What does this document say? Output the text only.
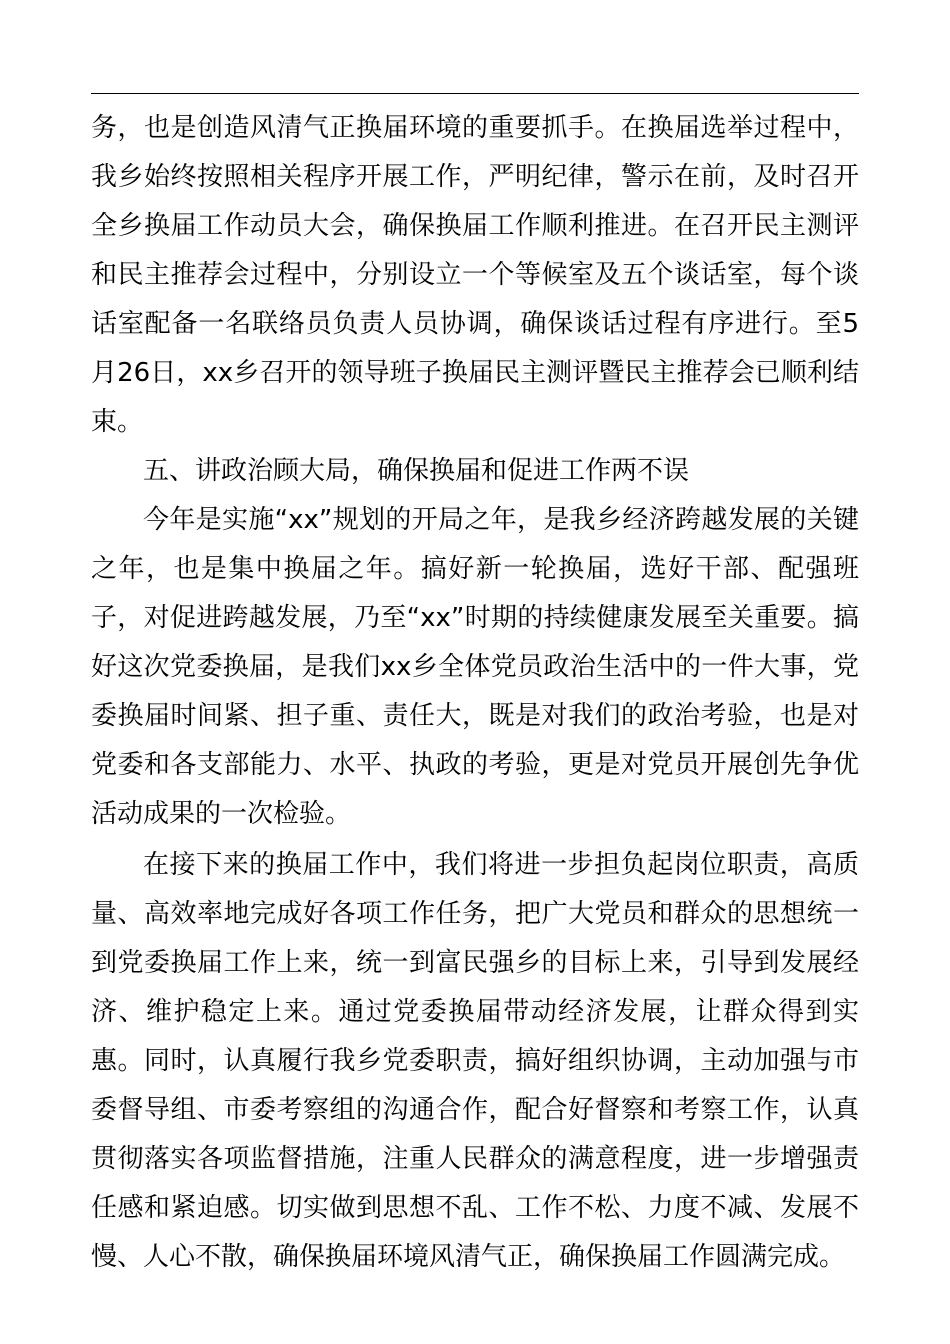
务，也是创造风清气正换届环境的重要抓手。在换届选举过程中，我乡始终按照相关程序开展工作，严明纪律，警示在前，及时召开全乡换届工作动员大会，确保换届工作顺利推进。在召开民主测评和民主推荐会过程中，分别设立一个等候室及五个谈话室，每个谈话室配备一名联络员负责人员协调，确保谈话过程有序进行。至5月26日，xx乡召开的领导班子换届民主测评暨民主推荐会已顺利结束。

五、讲政治顾大局，确保换届和促进工作两不误

今年是实施“xx”规划的开局之年，是我乡经济跨越发展的关键之年，也是集中换届之年。搞好新一轮换届，选好干部、配强班子，对促进跨越发展，乃至“xx”时期的持续健康发展至关重要。搞好这次党委换届，是我们xx乡全体党员政治生活中的一件大事，党委换届时间紧、担子重、责任大，既是对我们的政治考验，也是对党委和各支部能力、水平、执政的考验，更是对党员开展创先争优活动成果的一次检验。

在接下来的换届工作中，我们将进一步担负起岗位职责，高质量、高效率地完成好各项工作任务，把广大党员和群众的思想统一到党委换届工作上来，统一到富民强乡的目标上来，引导到发展经济、维护稳定上来。通过党委换届带动经济发展，让群众得到实惠。同时，认真履行我乡党委职责，搞好组织协调，主动加强与市委督导组、市委考察组的沟通合作，配合好督察和考察工作，认真贯彻落实各项监督措施，注重人民群众的满意程度，进一步增强责任感和紧迫感。切实做到思想不乱、工作不松、力度不减、发展不慢、人心不散，确保换届环境风清气正，确保换届工作圆满完成。
